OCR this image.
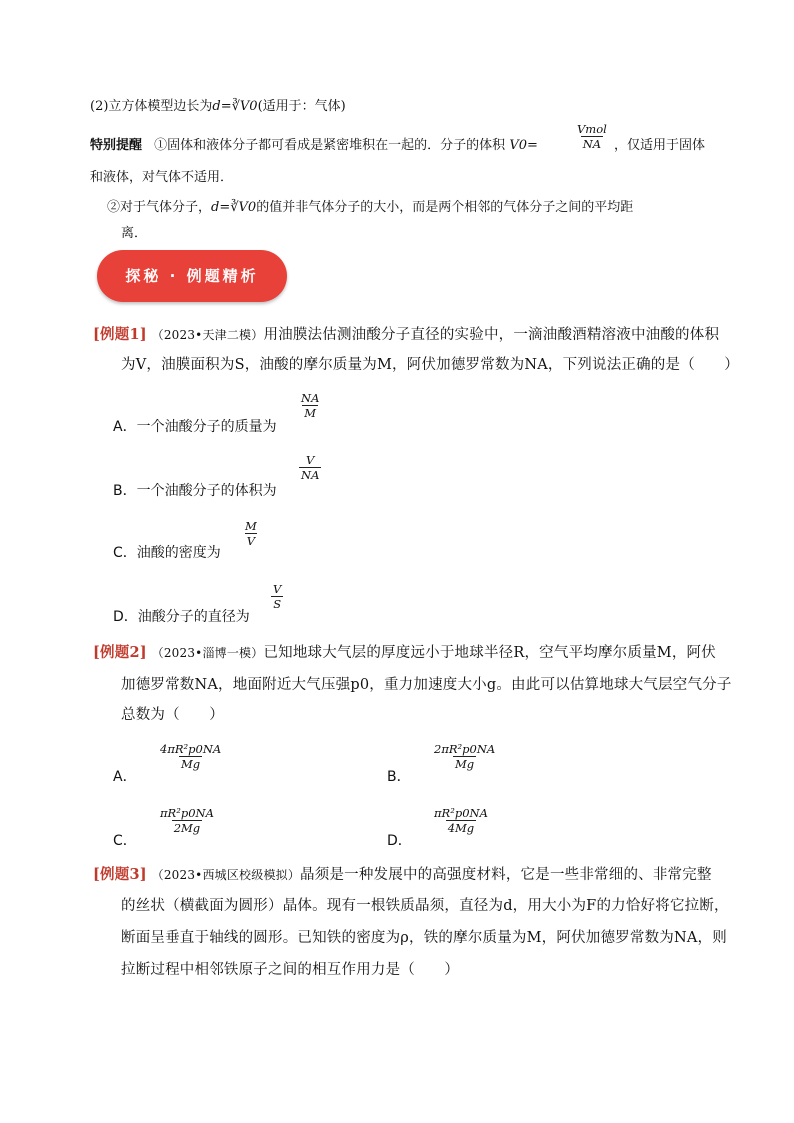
(2)立方体模型边长为d=∛V0(适用于：气体)
特别提醒 ①固体和液体分子都可看成是紧密堆积在一起的．分子的体积 V0=
Vmol
NA ，仅适用于固体
和液体，对气体不适用．
②对于气体分子，d=∛V0的值并非气体分子的大小，而是两个相邻的气体分子之间的平均距
离．
探秘 · 例题精析
[例题1] （2023•天津二模）用油膜法估测油酸分子直径的实验中，一滴油酸酒精溶液中油酸的体积
为V，油膜面积为S，油酸的摩尔质量为M，阿伏加德罗常数为NA，下列说法正确的是（　　）
A．一个油酸分子的质量为
$\frac{NA}{M}$
B．一个油酸分子的体积为
$\frac{V}{NA}$
C．油酸的密度为
$\frac{M}{V}$
D．油酸分子的直径为
$\frac{V}{S}$
[例题2] （2023•淄博一模）已知地球大气层的厚度远小于地球半径R，空气平均摩尔质量M，阿伏
加德罗常数NA，地面附近大气压强p0，重力加速度大小g。由此可以估算地球大气层空气分子
总数为（　　）
A．
$\frac{\text{4πR²p0NA}}{Mg}$
B．
$\frac{\text{2πR²p0NA}}{Mg}$
C．
$\frac{\text{πR²p0NA}}{2Mg}$
D．
$\frac{\text{πR²p0NA}}{4Mg}$
[例题3] （2023•西城区校级模拟）晶须是一种发展中的高强度材料，它是一些非常细的、非常完整
的丝状（横截面为圆形）晶体。现有一根铁质晶须，直径为d，用大小为F的力恰好将它拉断，
断面呈垂直于轴线的圆形。已知铁的密度为ρ，铁的摩尔质量为M，阿伏加德罗常数为NA，则
拉断过程中相邻铁原子之间的相互作用力是（　　）
